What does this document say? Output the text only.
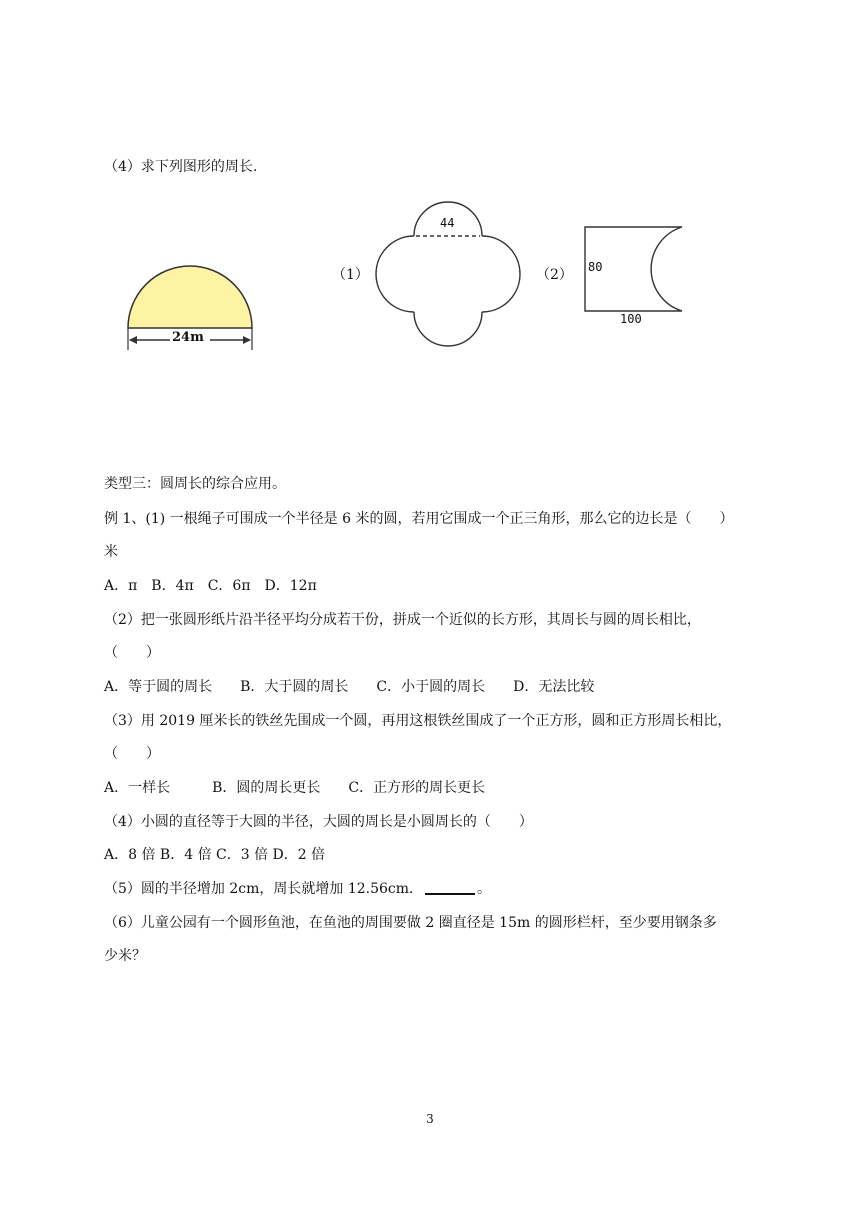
（4）求下列图形的周长.
24m
（1）
44
（2） 80
100
类型三：圆周长的综合应用。
例 1、(1) 一根绳子可围成一个半径是 6 米的圆，若用它围成一个正三角形，那么它的边长是（　　）
米
A．π　B．4π　C．6π　D．12π
（2）把一张圆形纸片沿半径平均分成若干份，拼成一个近似的长方形，其周长与圆的周长相比，
（　　）
A．等于圆的周长　　B．大于圆的周长　　C．小于圆的周长　　D．无法比较
（3）用 2019 厘米长的铁丝先围成一个圆，再用这根铁丝围成了一个正方形，圆和正方形周长相比，
（　　）
A．一样长　　　B．圆的周长更长　　C．正方形的周长更长
（4）小圆的直径等于大圆的半径，大圆的周长是小圆周长的（　　）
A．8 倍 B．4 倍 C．3 倍 D．2 倍
（5）圆的半径增加 2cm，周长就增加 12.56cm．	。
（6）儿童公园有一个圆形鱼池，在鱼池的周围要做 2 圈直径是 15m 的圆形栏杆，至少要用钢条多
少米？
3
